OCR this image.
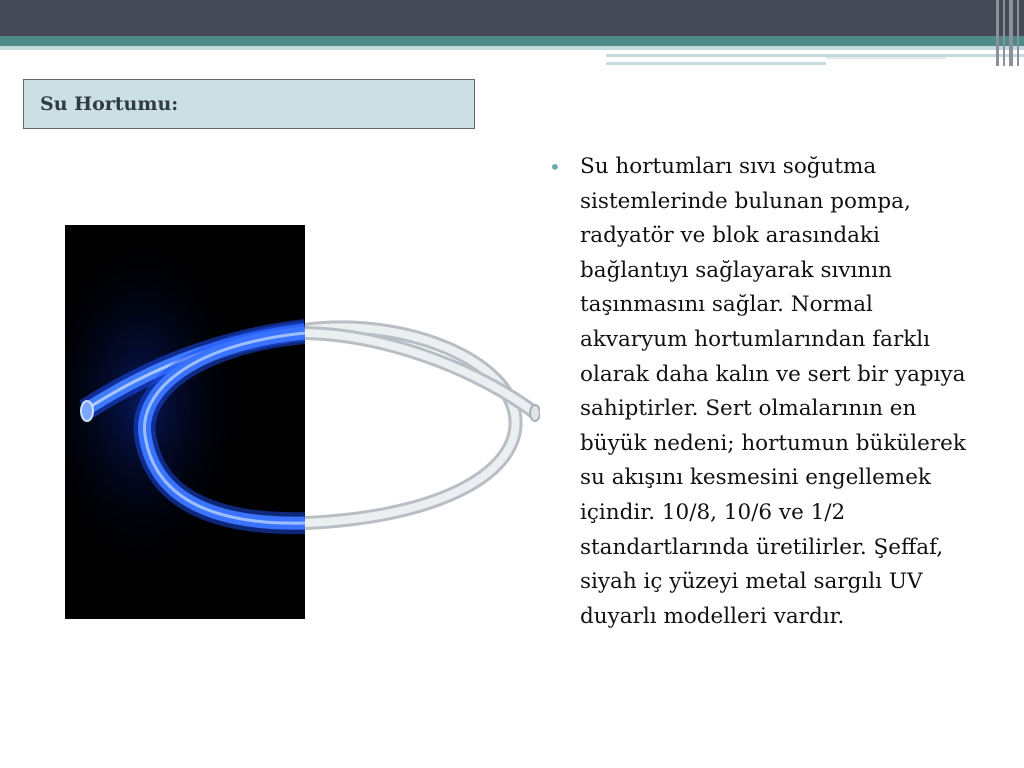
Su Hortumu:
• Su hortumları sıvı soğutma sistemlerinde bulunan pompa, radyatör ve blok arasındaki bağlantıyı sağlayarak sıvının taşınmasını sağlar. Normal akvaryum hortumlarından farklı olarak daha kalın ve sert bir yapıya sahiptirler. Sert olmalarının en büyük nedeni; hortumun bükülerek su akışını kesmesini engellemek içindir. 10/8, 10/6 ve 1/2 standartlarında üretilirler. Şeffaf, siyah iç yüzeyi metal sargılı UV duyarlı modelleri vardır.
